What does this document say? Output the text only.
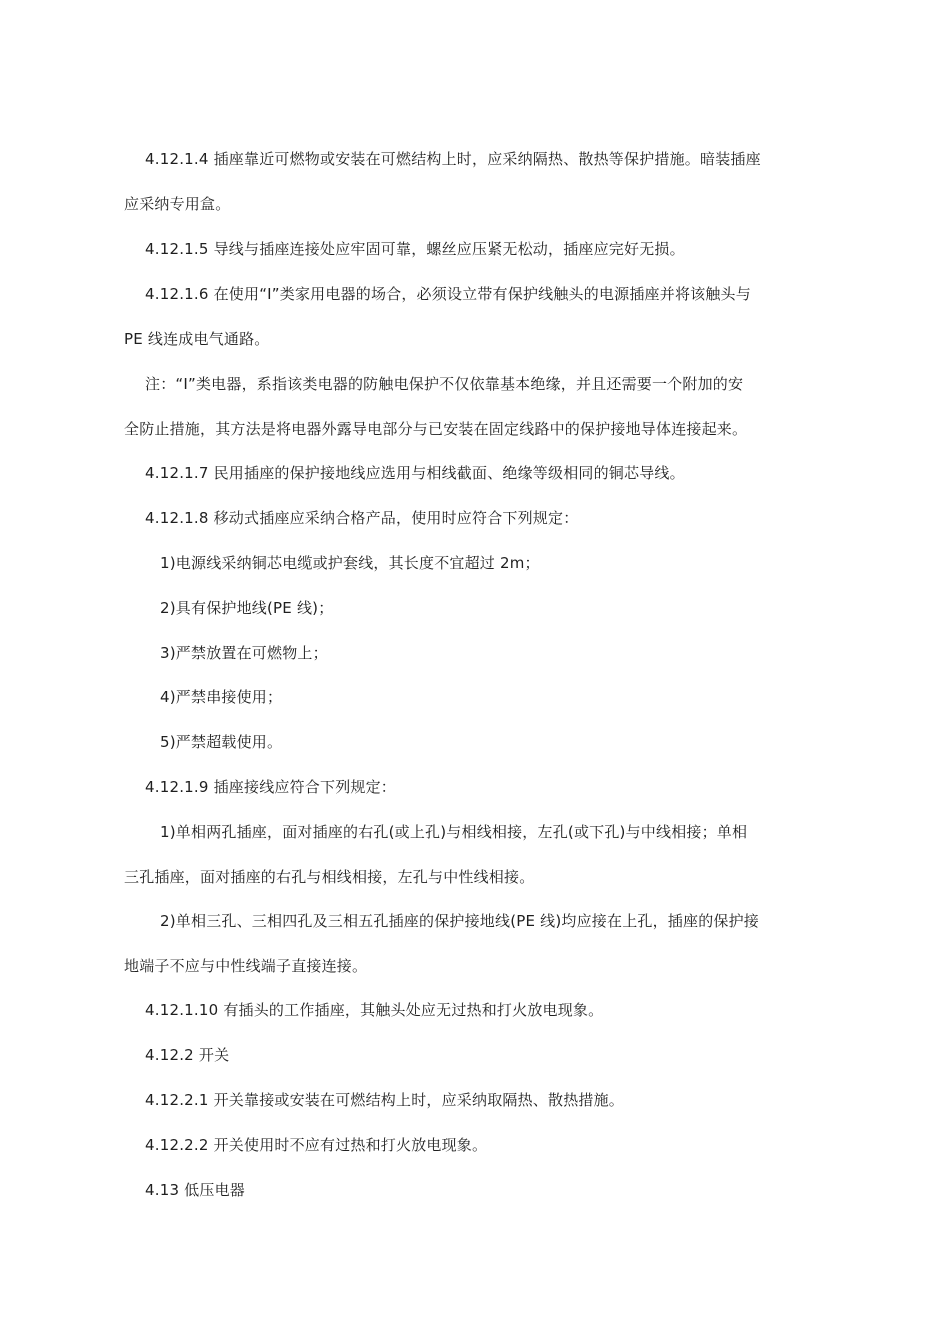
4.12.1.4 插座靠近可燃物或安装在可燃结构上时，应采纳隔热、散热等保护措施。暗装插座
应采纳专用盒。
4.12.1.5 导线与插座连接处应牢固可靠，螺丝应压紧无松动，插座应完好无损。
4.12.1.6 在使用“I”类家用电器的场合，必须设立带有保护线触头的电源插座并将该触头与
PE 线连成电气通路。
注：“I”类电器，系指该类电器的防触电保护不仅依靠基本绝缘，并且还需要一个附加的安
全防止措施，其方法是将电器外露导电部分与已安装在固定线路中的保护接地导体连接起来。
4.12.1.7 民用插座的保护接地线应选用与相线截面、绝缘等级相同的铜芯导线。
4.12.1.8 移动式插座应采纳合格产品，使用时应符合下列规定：
1)电源线采纳铜芯电缆或护套线，其长度不宜超过 2m；
2)具有保护地线(PE 线)；
3)严禁放置在可燃物上；
4)严禁串接使用；
5)严禁超载使用。
4.12.1.9 插座接线应符合下列规定：
1)单相两孔插座，面对插座的右孔(或上孔)与相线相接，左孔(或下孔)与中线相接；单相
三孔插座，面对插座的右孔与相线相接，左孔与中性线相接。
2)单相三孔、三相四孔及三相五孔插座的保护接地线(PE 线)均应接在上孔，插座的保护接
地端子不应与中性线端子直接连接。
4.12.1.10 有插头的工作插座，其触头处应无过热和打火放电现象。
4.12.2 开关
4.12.2.1 开关靠接或安装在可燃结构上时，应采纳取隔热、散热措施。
4.12.2.2 开关使用时不应有过热和打火放电现象。
4.13 低压电器
